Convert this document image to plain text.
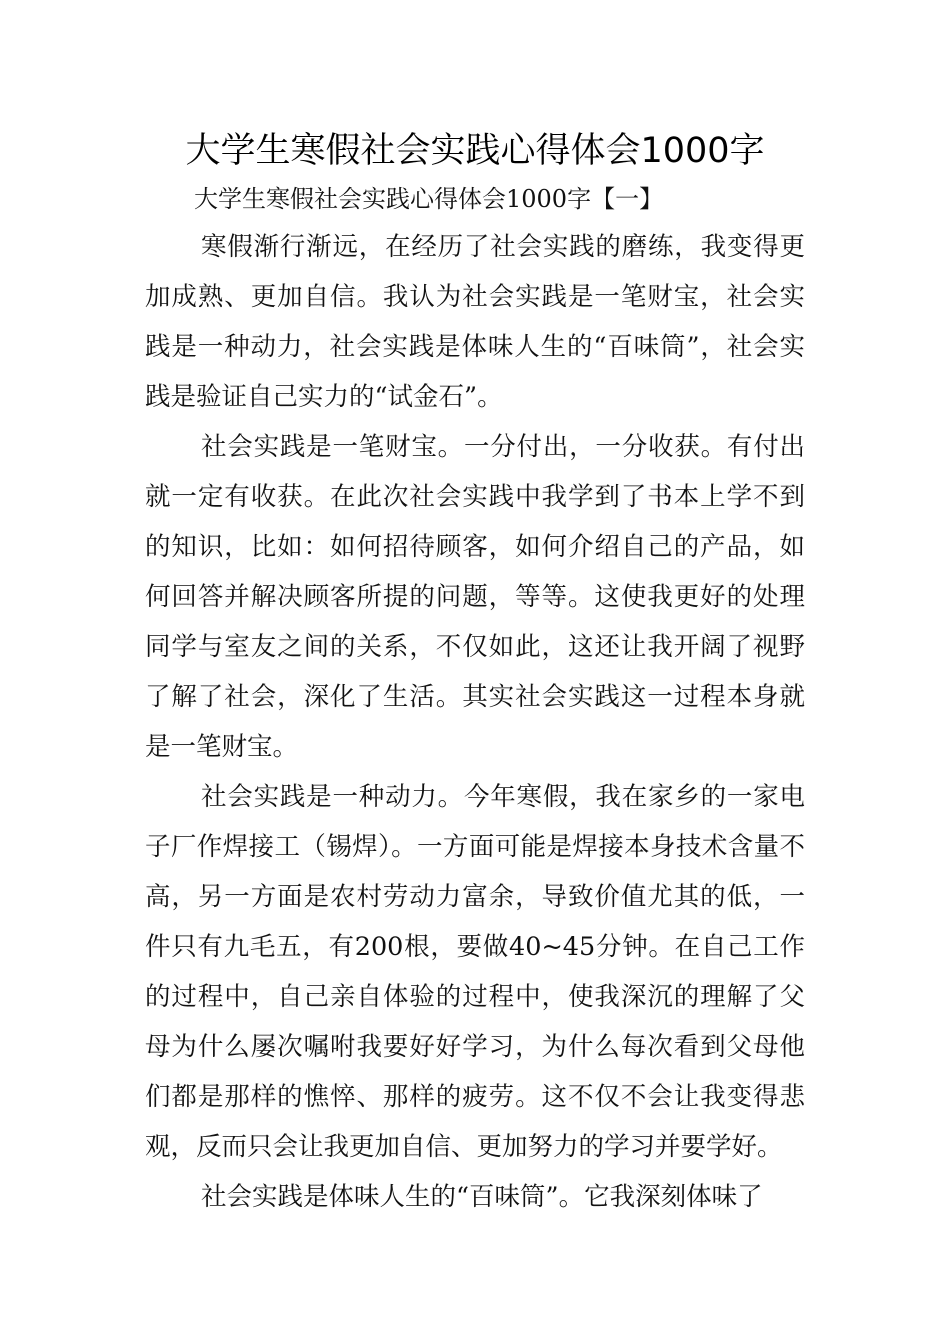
大学生寒假社会实践心得体会1000字

大学生寒假社会实践心得体会1000字【一】

寒假渐行渐远，在经历了社会实践的磨练，我变得更加成熟、更加自信。我认为社会实践是一笔财宝，社会实践是一种动力，社会实践是体味人生的“百味筒”，社会实践是验证自己实力的“试金石”。

社会实践是一笔财宝。一分付出，一分收获。有付出就一定有收获。在此次社会实践中我学到了书本上学不到的知识，比如：如何招待顾客，如何介绍自己的产品，如何回答并解决顾客所提的问题，等等。这使我更好的处理同学与室友之间的关系，不仅如此，这还让我开阔了视野了解了社会，深化了生活。其实社会实践这一过程本身就是一笔财宝。

社会实践是一种动力。今年寒假，我在家乡的一家电子厂作焊接工（锡焊）。一方面可能是焊接本身技术含量不高，另一方面是农村劳动力富余，导致价值尤其的低，一件只有九毛五，有200根，要做40~45分钟。在自己工作的过程中，自己亲自体验的过程中，使我深沉的理解了父母为什么屡次嘱咐我要好好学习，为什么每次看到父母他们都是那样的憔悴、那样的疲劳。这不仅不会让我变得悲观，反而只会让我更加自信、更加努力的学习并要学好。

社会实践是体味人生的“百味筒”。它我深刻体味了
